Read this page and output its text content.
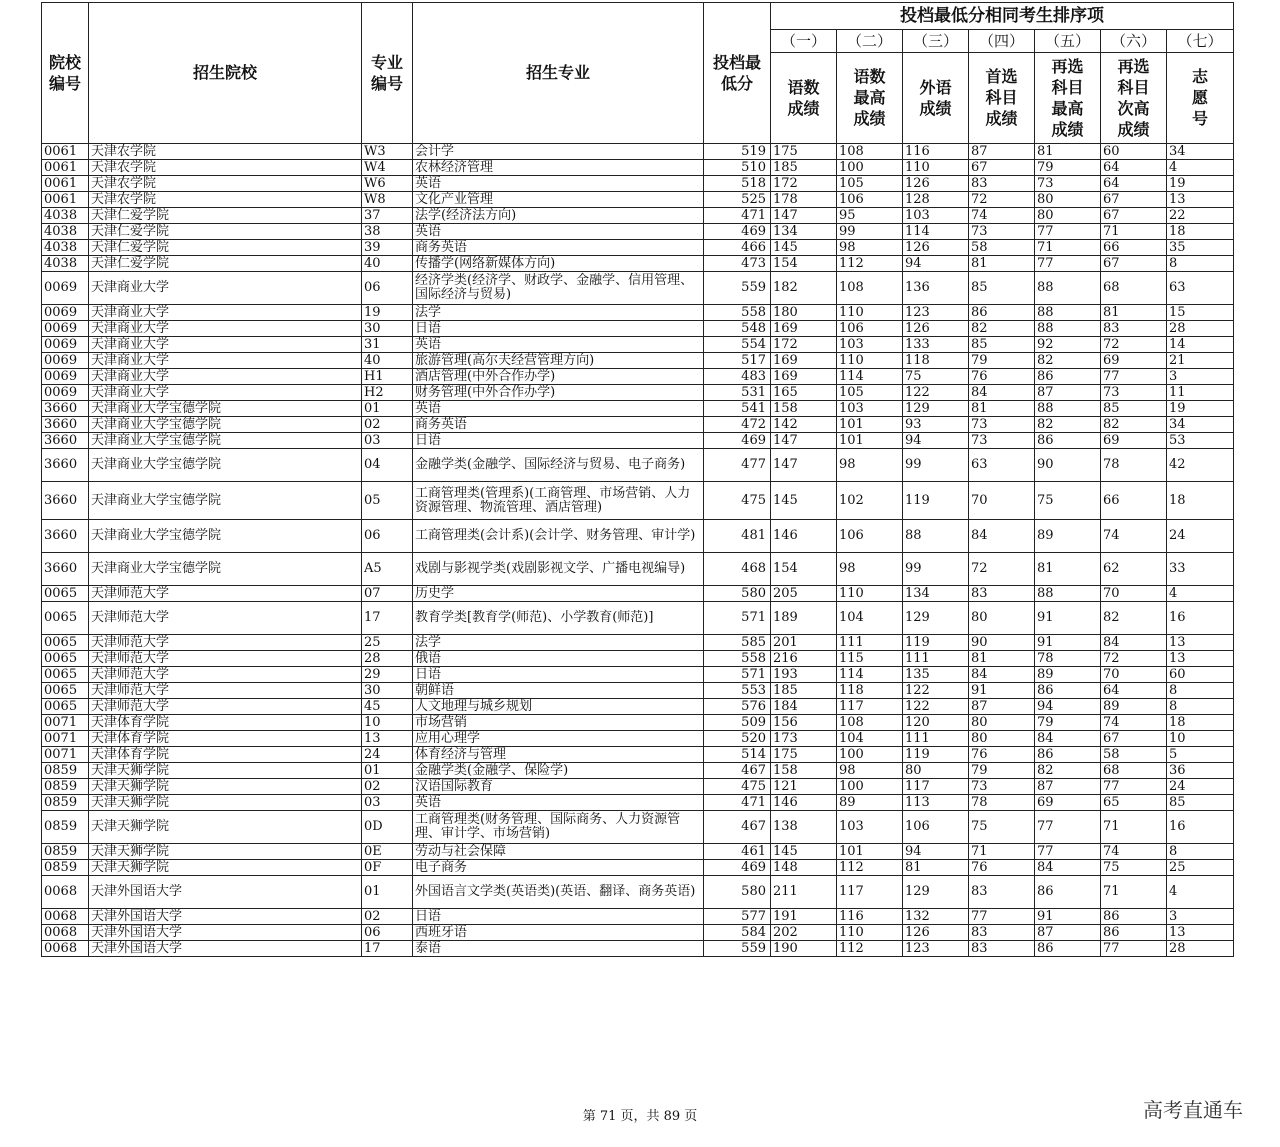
院校编号	招生院校	专业编号	招生专业	投档最低分	投档最低分相同考生排序项						
					（一）	（二）	（三）	（四）	（五）	（六）	（七）
					语数成绩	语数最高成绩	外语成绩	首选科目成绩	再选科目最高成绩	再选科目次高成绩	志愿号
0061	天津农学院	W3	会计学	519	175	108	116	87	81	60	34
0061	天津农学院	W4	农林经济管理	510	185	100	110	67	79	64	4
0061	天津农学院	W6	英语	518	172	105	126	83	73	64	19
0061	天津农学院	W8	文化产业管理	525	178	106	128	72	80	67	13
4038	天津仁爱学院	37	法学(经济法方向)	471	147	95	103	74	80	67	22
4038	天津仁爱学院	38	英语	469	134	99	114	73	77	71	18
4038	天津仁爱学院	39	商务英语	466	145	98	126	58	71	66	35
4038	天津仁爱学院	40	传播学(网络新媒体方向)	473	154	112	94	81	77	67	8
0069	天津商业大学	06	经济学类(经济学、财政学、金融学、信用管理、国际经济与贸易)	559	182	108	136	85	88	68	63
0069	天津商业大学	19	法学	558	180	110	123	86	88	81	15
0069	天津商业大学	30	日语	548	169	106	126	82	88	83	28
0069	天津商业大学	31	英语	554	172	103	133	85	92	72	14
0069	天津商业大学	40	旅游管理(高尔夫经营管理方向)	517	169	110	118	79	82	69	21
0069	天津商业大学	H1	酒店管理(中外合作办学)	483	169	114	75	76	86	77	3
0069	天津商业大学	H2	财务管理(中外合作办学)	531	165	105	122	84	87	73	11
3660	天津商业大学宝德学院	01	英语	541	158	103	129	81	88	85	19
3660	天津商业大学宝德学院	02	商务英语	472	142	101	93	73	82	82	34
3660	天津商业大学宝德学院	03	日语	469	147	101	94	73	86	69	53
3660	天津商业大学宝德学院	04	金融学类(金融学、国际经济与贸易、电子商务)	477	147	98	99	63	90	78	42
3660	天津商业大学宝德学院	05	工商管理类(管理系)(工商管理、市场营销、人力资源管理、物流管理、酒店管理)	475	145	102	119	70	75	66	18
3660	天津商业大学宝德学院	06	工商管理类(会计系)(会计学、财务管理、审计学)	481	146	106	88	84	89	74	24
3660	天津商业大学宝德学院	A5	戏剧与影视学类(戏剧影视文学、广播电视编导)	468	154	98	99	72	81	62	33
0065	天津师范大学	07	历史学	580	205	110	134	83	88	70	4
0065	天津师范大学	17	教育学类[教育学(师范)、小学教育(师范)]	571	189	104	129	80	91	82	16
0065	天津师范大学	25	法学	585	201	111	119	90	91	84	13
0065	天津师范大学	28	俄语	558	216	115	111	81	78	72	13
0065	天津师范大学	29	日语	571	193	114	135	84	89	70	60
0065	天津师范大学	30	朝鲜语	553	185	118	122	91	86	64	8
0065	天津师范大学	45	人文地理与城乡规划	576	184	117	122	87	94	89	8
0071	天津体育学院	10	市场营销	509	156	108	120	80	79	74	18
0071	天津体育学院	13	应用心理学	520	173	104	111	80	84	67	10
0071	天津体育学院	24	体育经济与管理	514	175	100	119	76	86	58	5
0859	天津天狮学院	01	金融学类(金融学、保险学)	467	158	98	80	79	82	68	36
0859	天津天狮学院	02	汉语国际教育	475	121	100	117	73	87	77	24
0859	天津天狮学院	03	英语	471	146	89	113	78	69	65	85
0859	天津天狮学院	0D	工商管理类(财务管理、国际商务、人力资源管理、审计学、市场营销)	467	138	103	106	75	77	71	16
0859	天津天狮学院	0E	劳动与社会保障	461	145	101	94	71	77	74	8
0859	天津天狮学院	0F	电子商务	469	148	112	81	76	84	75	25
0068	天津外国语大学	01	外国语言文学类(英语类)(英语、翻译、商务英语)	580	211	117	129	83	86	71	4
0068	天津外国语大学	02	日语	577	191	116	132	77	91	86	3
0068	天津外国语大学	06	西班牙语	584	202	110	126	83	87	86	13
0068	天津外国语大学	17	泰语	559	190	112	123	83	86	77	28
第 71 页，共 89 页	高考直通车
